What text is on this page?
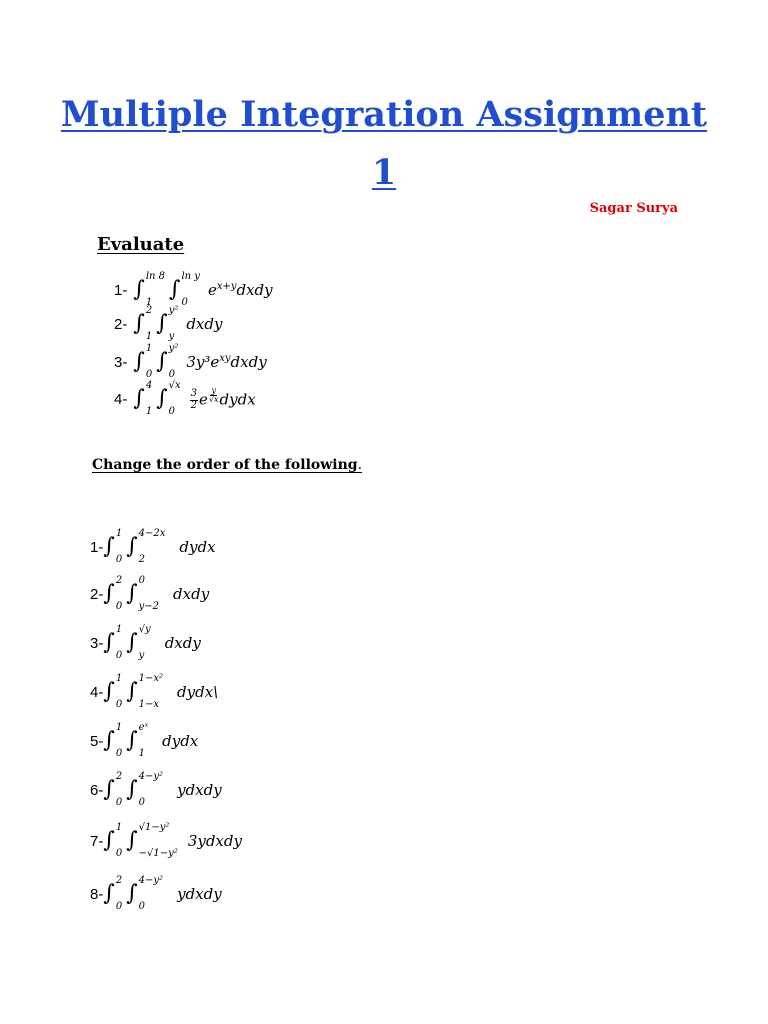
Multiple Integration Assignment
1
Sagar Surya
Evaluate
1- ∫
ln 8
1
∫
ln y
0
$e^{x+y}dxdy$
2- ∫
2
1
∫
y²
y
dxdy
3- ∫
1
0
∫
y²
0
$3y^3e^{xy}dxdy$
4- ∫
4
1
∫
√x
0
$\frac{3}{2}$ e $^{\frac{y}{√x}}$ dydx
Change the order of the following.
1- ∫
1
0
∫
4−2x
2
dydx
2- ∫
2
0
∫
0
y−2
dxdy
3- ∫
1
0
∫
√y
y
dxdy
4- ∫
1
0
∫
1−x²
1−x
dydx\
5- ∫
1
0
∫
eˣ
1
dydx
6- ∫
2
0
∫
4−y²
0
ydxdy
7- ∫
1
0
∫
√1−y²
−√1−y²
3ydxdy
8- ∫
2
0
∫
4−y²
0
ydxdy
